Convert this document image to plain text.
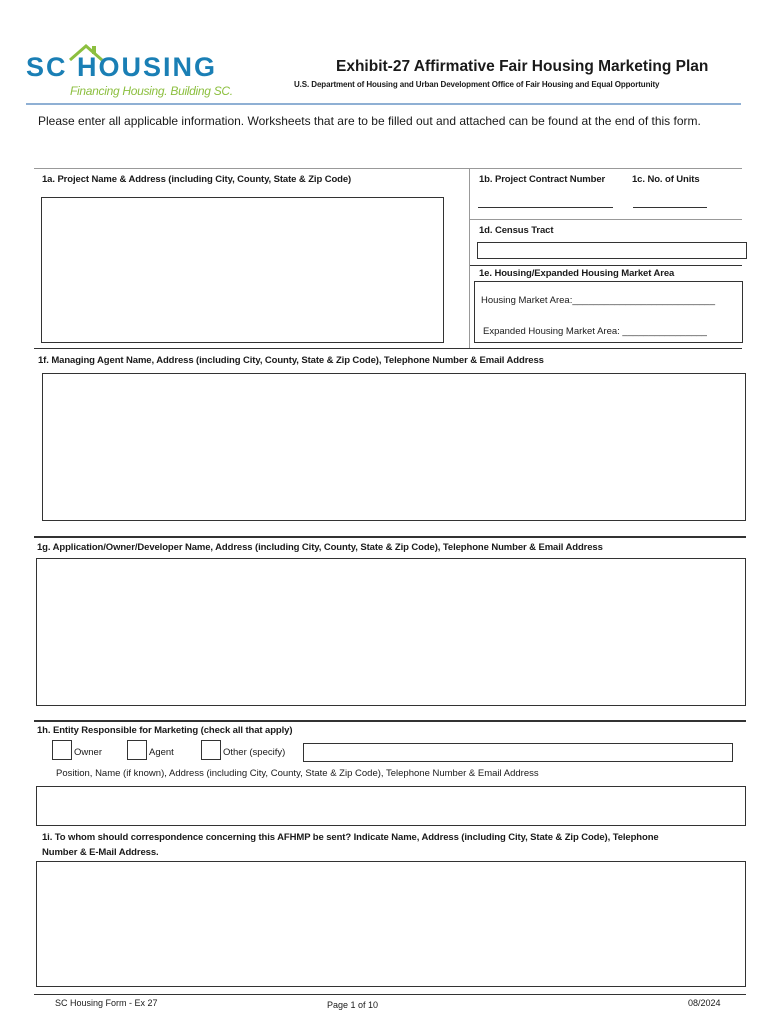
SC HOUSING
Financing Housing. Building SC.
Exhibit-27 Affirmative Fair Housing Marketing Plan
U.S. Department of Housing and Urban Development Office of Fair Housing and Equal Opportunity
Please enter all applicable information. Worksheets that are to be filled out and attached can be found at the end of this form.
1a. Project Name & Address (including City, County, State & Zip Code)	1b. Project Contract Number	1c. No. of Units
1d. Census Tract
1e. Housing/Expanded Housing Market Area
Housing Market Area:___________________________
Expanded Housing Market Area: ________________
1f. Managing Agent Name, Address (including City, County, State & Zip Code), Telephone Number & Email Address
1g. Application/Owner/Developer Name, Address (including City, County, State & Zip Code), Telephone Number & Email Address
1h. Entity Responsible for Marketing (check all that apply)
Owner	Agent	Other (specify)
Position, Name (if known), Address (including City, County, State & Zip Code), Telephone Number & Email Address
1i. To whom should correspondence concerning this AFHMP be sent? Indicate Name, Address (including City, State & Zip Code), Telephone
Number & E-Mail Address.
SC Housing Form - Ex 27	Page 1 of 10	08/2024
